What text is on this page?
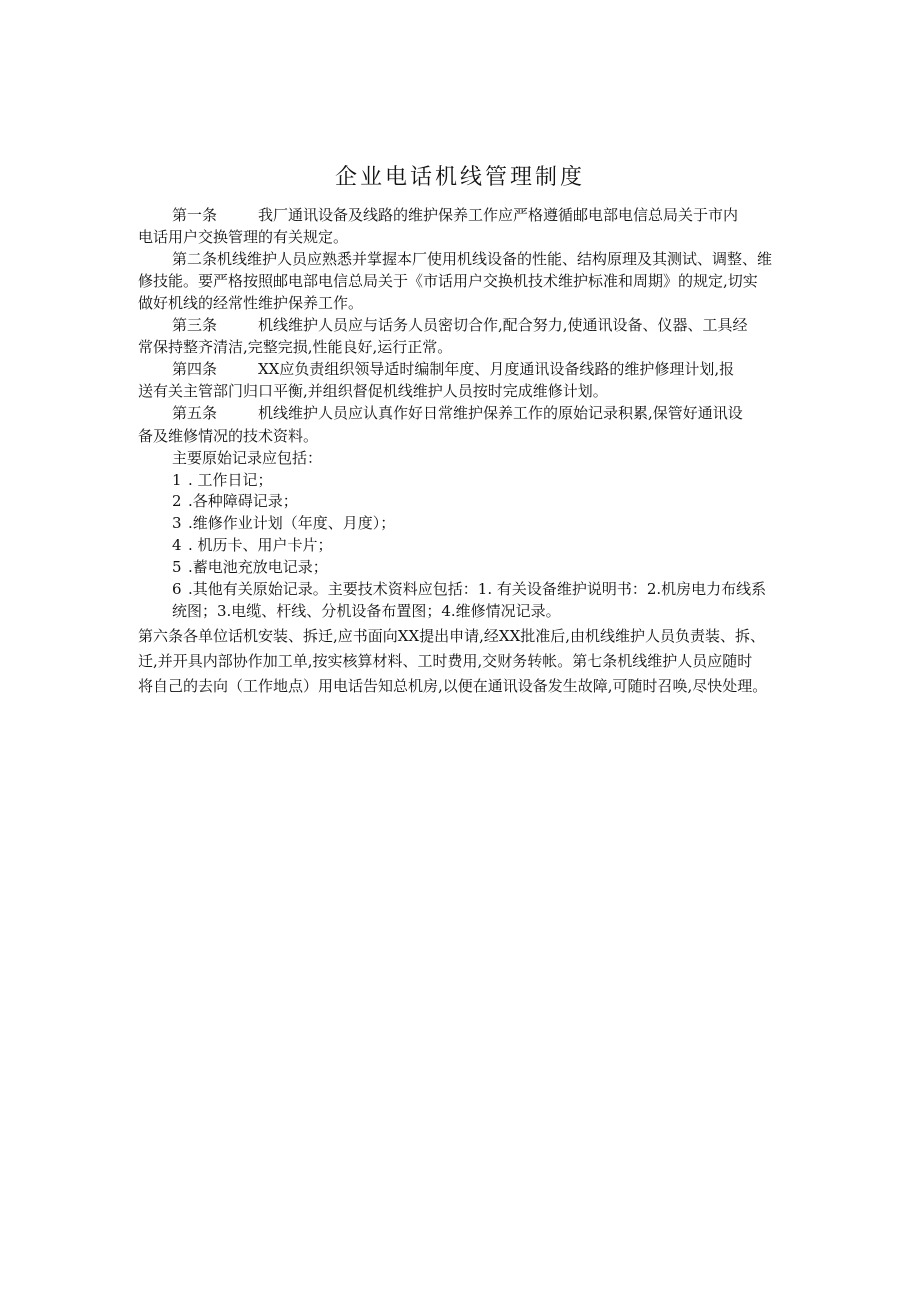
企业电话机线管理制度
第一条	我厂通讯设备及线路的维护保养工作应严格遵循邮电部电信总局关于市内
电话用户交换管理的有关规定。
第二条机线维护人员应熟悉并掌握本厂使用机线设备的性能、结构原理及其测试、调整、维
修技能。要严格按照邮电部电信总局关于《市话用户交换机技术维护标准和周期》的规定,切实
做好机线的经常性维护保养工作。
第三条	机线维护人员应与话务人员密切合作,配合努力,使通讯设备、仪器、工具经
常保持整齐清洁,完整完损,性能良好,运行正常。
第四条	XX应负责组织领导适时编制年度、月度通讯设备线路的维护修理计划,报
送有关主管部门归口平衡,并组织督促机线维护人员按时完成维修计划。
第五条	机线维护人员应认真作好日常维护保养工作的原始记录积累,保管好通讯设
备及维修情况的技术资料。
主要原始记录应包括：
1 . 工作日记；
2 .各种障碍记录；
3 .维修作业计划（年度、月度）；
4 . 机历卡、用户卡片；
5 .蓄电池充放电记录；
6 .其他有关原始记录。主要技术资料应包括：1. 有关设备维护说明书：2.机房电力布线系
统图；3.电缆、杆线、分机设备布置图；4.维修情况记录。
第六条各单位话机安装、拆迁,应书面向XX提出申请,经XX批准后,由机线维护人员负责装、拆、
迁,并开具内部协作加工单,按实核算材料、工时费用,交财务转帐。第七条机线维护人员应随时
将自己的去向（工作地点）用电话告知总机房,以便在通讯设备发生故障,可随时召唤,尽快处理。
